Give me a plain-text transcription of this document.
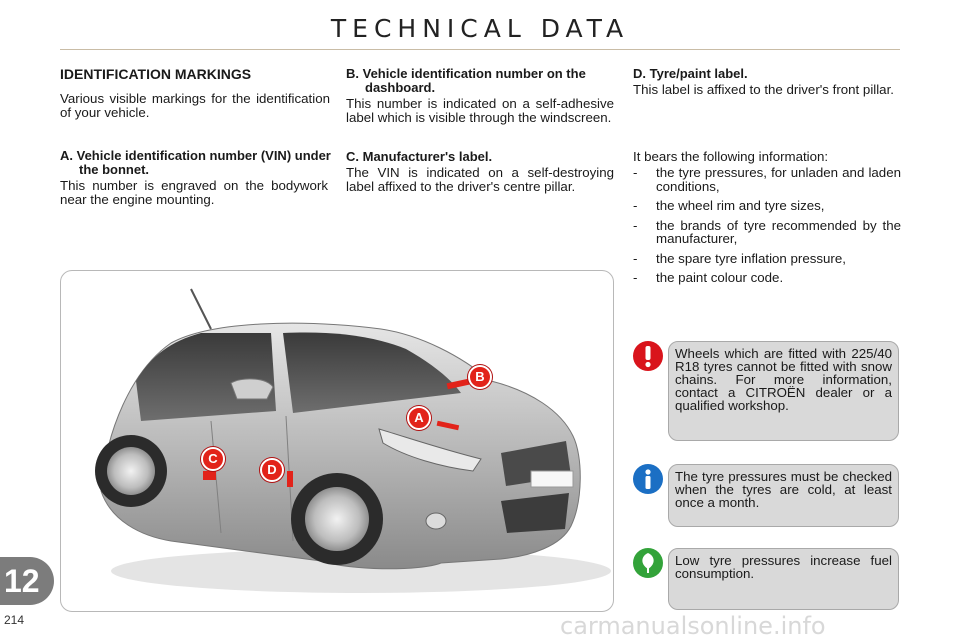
TECHNICAL DATA
IDENTIFICATION MARKINGS
Various visible markings for the identification of your vehicle.
A. Vehicle identification number (VIN) under the bonnet.
This number is engraved on the bodywork near the engine mounting.
B. Vehicle identification number on the dashboard.
This number is indicated on a self-adhesive label which is visible through the windscreen.
C. Manufacturer's label.
The VIN is indicated on a self-destroying label affixed to the driver's centre pillar.
D. Tyre/paint label.
This label is affixed to the driver's front pillar.
It bears the following information:
- the tyre pressures, for unladen and laden conditions,
- the wheel rim and tyre sizes,
- the brands of tyre recommended by the manufacturer,
- the spare tyre inflation pressure,
- the paint colour code.
B
A
C
D

Wheels which are fitted with 225/40 R18 tyres cannot be fitted with snow chains. For more information, contact a CITROËN dealer or a qualified workshop.

The tyre pressures must be checked when the tyres are cold, at least once a month.

Low tyre pressures increase fuel consumption.

12
214	carmanualsonline.info
